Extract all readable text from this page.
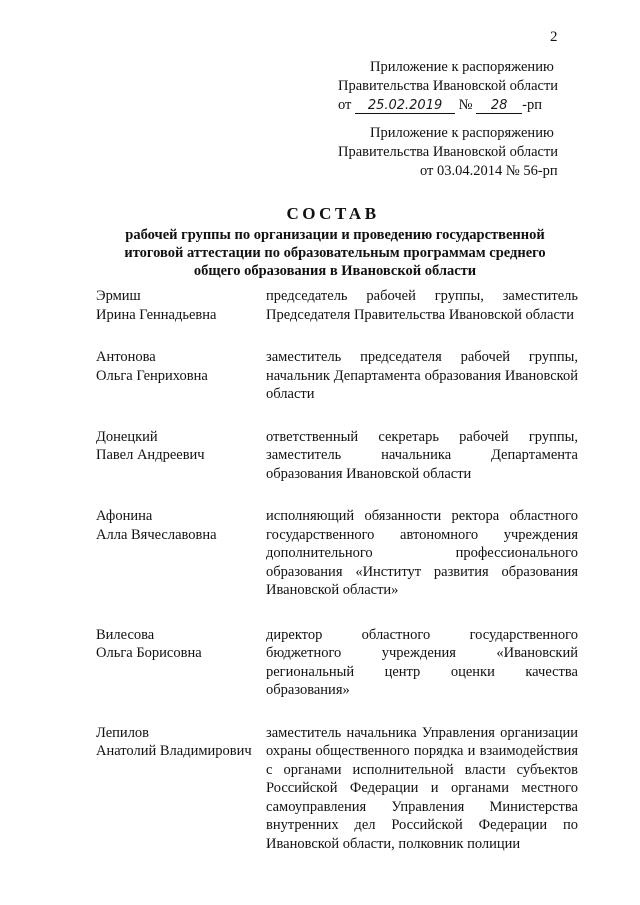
2
Приложение к распоряжению
Правительства Ивановской области
от 25.02.2019 № 28 -рп
Приложение к распоряжению
Правительства Ивановской области
от 03.04.2014 № 56-рп
СОСТАВ
рабочей группы по организации и проведению государственной
итоговой аттестации по образовательным программам среднего
общего образования в Ивановской области
Эрмиш
Ирина Геннадьевна
председатель рабочей группы, заместитель Председателя Правительства Ивановской области
Антонова
Ольга Генриховна
заместитель председателя рабочей группы, начальник Департамента образования Ивановской области
Донецкий
Павел Андреевич
ответственный секретарь рабочей группы, заместитель начальника Департамента образования Ивановской области
Афонина
Алла Вячеславовна
исполняющий обязанности ректора областного государственного автономного учреждения дополнительного профессионального образования «Институт развития образования Ивановской области»
Вилесова
Ольга Борисовна
директор областного государственного бюджетного учреждения «Ивановский региональный центр оценки качества образования»
Лепилов
Анатолий Владимирович
заместитель начальника Управления организации охраны общественного порядка и взаимодействия с органами исполнительной власти субъектов Российской Федерации и органами местного самоуправления Управления Министерства внутренних дел Российской Федерации по Ивановской области, полковник полиции
